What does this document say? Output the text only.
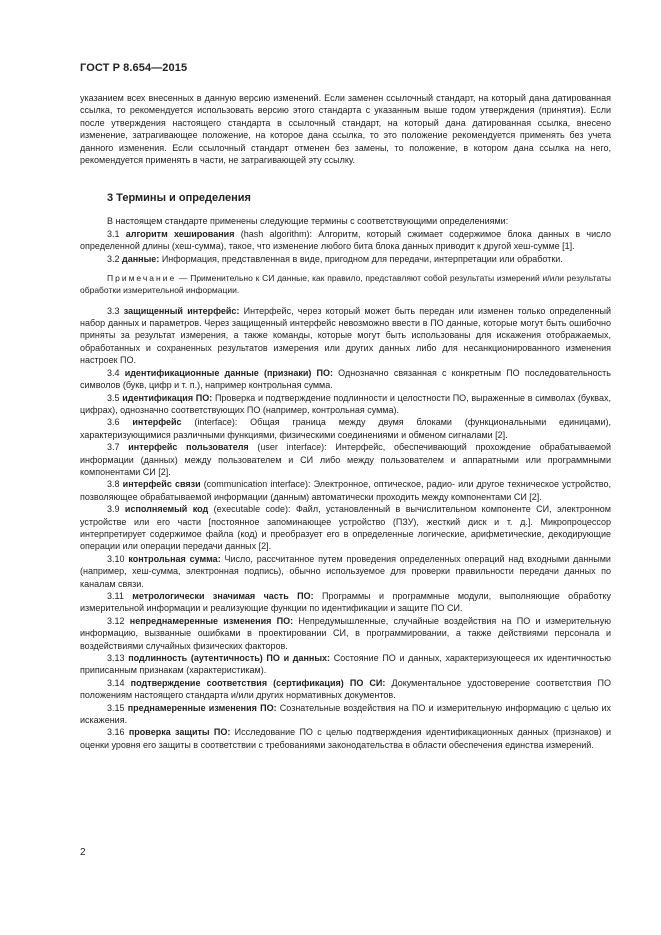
ГОСТ Р 8.654—2015

указанием всех внесенных в данную версию изменений. Если заменен ссылочный стандарт, на который дана датированная ссылка, то рекомендуется использовать версию этого стандарта с указанным выше годом утверждения (принятия). Если после утверждения настоящего стандарта в ссылочный стандарт, на который дана датированная ссылка, внесено изменение, затрагивающее положение, на которое дана ссылка, то это положение рекомендуется применять без учета данного изменения. Если ссылочный стандарт отменен без замены, то положение, в котором дана ссылка на него, рекомендуется применять в части, не затрагивающей эту ссылку.

3 Термины и определения

В настоящем стандарте применены следующие термины с соответствующими определениями:

3.1 алгоритм хеширования (hash algorithm): Алгоритм, который сжимает содержимое блока данных в число определенной длины (хеш-сумма), такое, что изменение любого бита блока данных приводит к другой хеш-сумме [1].

3.2 данные: Информация, представленная в виде, пригодном для передачи, интерпретации или обработки.

Примечание — Применительно к СИ данные, как правило, представляют собой результаты измерений и/или результаты обработки измерительной информации.

3.3 защищенный интерфейс: Интерфейс, через который может быть передан или изменен только определенный набор данных и параметров. Через защищенный интерфейс невозможно ввести в ПО данные, которые могут быть ошибочно приняты за результат измерения, а также команды, которые могут быть использованы для искажения отображаемых, обработанных и сохраненных результатов измерения или других данных либо для несанкционированного изменения настроек ПО.

3.4 идентификационные данные (признаки) ПО: Однозначно связанная с конкретным ПО последовательность символов (букв, цифр и т. п.), например контрольная сумма.

3.5 идентификация ПО: Проверка и подтверждение подлинности и целостности ПО, выраженные в символах (буквах, цифрах), однозначно соответствующих ПО (например, контрольная сумма).

3.6 интерфейс (interface): Общая граница между двумя блоками (функциональными единицами), характеризующимися различными функциями, физическими соединениями и обменом сигналами [2].

3.7 интерфейс пользователя (user interface): Интерфейс, обеспечивающий прохождение обрабатываемой информации (данных) между пользователем и СИ либо между пользователем и аппаратными или программными компонентами СИ [2].

3.8 интерфейс связи (communication interface): Электронное, оптическое, радио- или другое техническое устройство, позволяющее обрабатываемой информации (данным) автоматически проходить между компонентами СИ [2].

3.9 исполняемый код (executable code): Файл, установленный в вычислительном компоненте СИ, электронном устройстве или его части [постоянное запоминающее устройство (ПЗУ), жесткий диск и т. д.]. Микропроцессор интерпретирует содержимое файла (код) и преобразует его в определенные логические, арифметические, декодирующие операции или операции передачи данных [2].

3.10 контрольная сумма: Число, рассчитанное путем проведения определенных операций над входными данными (например, хеш-сумма, электронная подпись), обычно используемое для проверки правильности передачи данных по каналам связи.

3.11 метрологически значимая часть ПО: Программы и программные модули, выполняющие обработку измерительной информации и реализующие функции по идентификации и защите ПО СИ.

3.12 непреднамеренные изменения ПО: Непредумышленные, случайные воздействия на ПО и измерительную информацию, вызванные ошибками в проектировании СИ, в программировании, а также действиями персонала и воздействиями случайных физических факторов.

3.13 подлинность (аутентичность) ПО и данных: Состояние ПО и данных, характеризующееся их идентичностью приписанным признакам (характеристикам).

3.14 подтверждение соответствия (сертификация) ПО СИ: Документальное удостоверение соответствия ПО положениям настоящего стандарта и/или других нормативных документов.

3.15 преднамеренные изменения ПО: Сознательные воздействия на ПО и измерительную информацию с целью их искажения.

3.16 проверка защиты ПО: Исследование ПО с целью подтверждения идентификационных данных (признаков) и оценки уровня его защиты в соответствии с требованиями законодательства в области обеспечения единства измерений.

2
